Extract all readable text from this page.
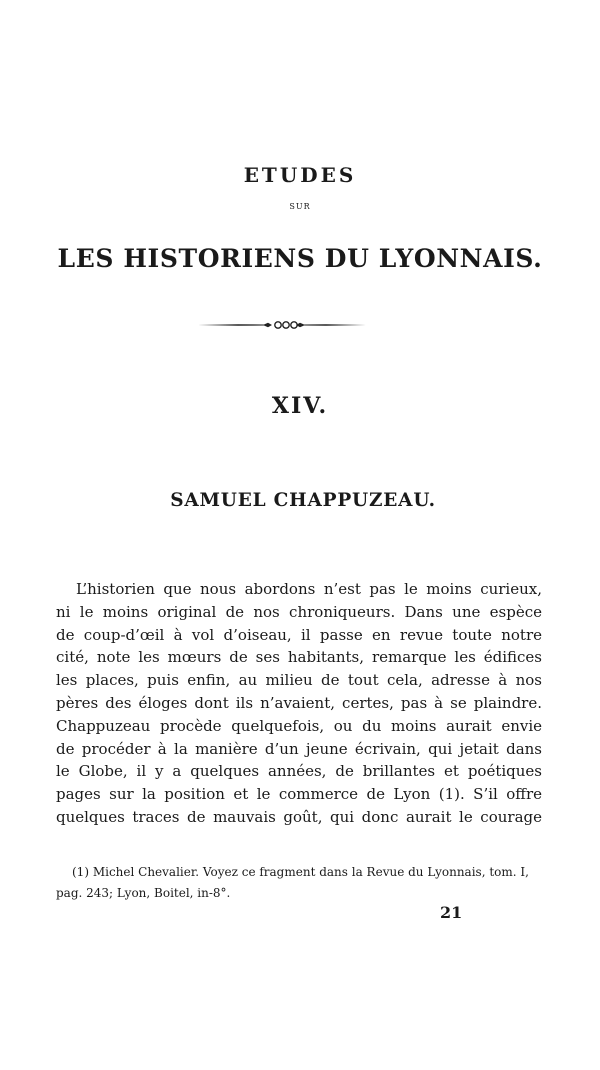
ETUDES
SUR
LES HISTORIENS DU LYONNAIS.
XIV.
SAMUEL CHAPPUZEAU.
L’historien que nous abordons n’est pas le moins curieux,
ni le moins original de nos chroniqueurs. Dans une espèce
de coup-d’œil à vol d’oiseau, il passe en revue toute notre
cité, note les mœurs de ses habitants, remarque les édifices
les places, puis enfin, au milieu de tout cela, adresse à nos
pères des éloges dont ils n’avaient, certes, pas à se plaindre.
Chappuzeau procède quelquefois, ou du moins aurait envie
de procéder à la manière d’un jeune écrivain, qui jetait dans
le Globe, il y a quelques années, de brillantes et poétiques
pages sur la position et le commerce de Lyon (1). S’il offre
quelques traces de mauvais goût, qui donc aurait le courage
(1) Michel Chevalier. Voyez ce fragment dans la Revue du Lyonnais, tom. I,
pag. 243; Lyon, Boitel, in-8°.
21
